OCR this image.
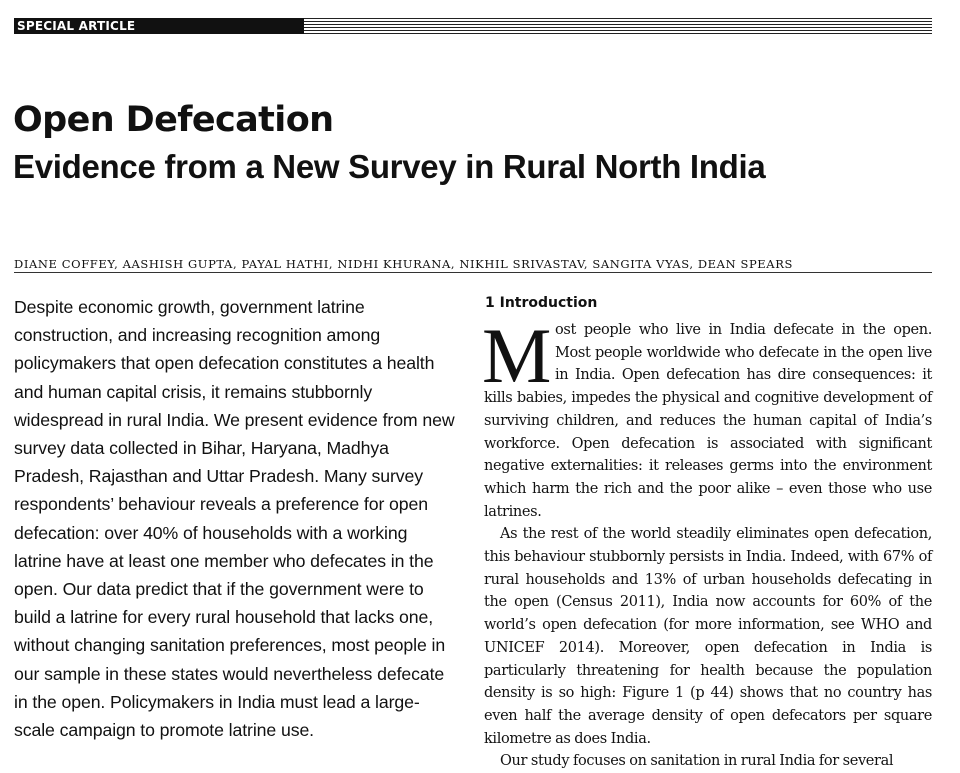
SPECIAL ARTICLE
Open Defecation
Evidence from a New Survey in Rural North India
DIANE COFFEY, AASHISH GUPTA, PAYAL HATHI, NIDHI KHURANA, NIKHIL SRIVASTAV, SANGITA VYAS, DEAN SPEARS

Despite economic growth, government latrine construction, and increasing recognition among policymakers that open defecation constitutes a health and human capital crisis, it remains stubbornly widespread in rural India. We present evidence from new survey data collected in Bihar, Haryana, Madhya Pradesh, Rajasthan and Uttar Pradesh. Many survey respondents’ behaviour reveals a preference for open defecation: over 40% of households with a working latrine have at least one member who defecates in the open. Our data predict that if the government were to build a latrine for every rural household that lacks one, without changing sanitation preferences, most people in our sample in these states would nevertheless defecate in the open. Policymakers in India must lead a large-scale campaign to promote latrine use.

1 Introduction

Most people who live in India defecate in the open. Most people worldwide who defecate in the open live in India. Open defecation has dire consequences: it kills babies, impedes the physical and cognitive development of surviving children, and reduces the human capital of India’s workforce. Open defecation is associated with significant negative externalities: it releases germs into the environment which harm the rich and the poor alike – even those who use latrines.

As the rest of the world steadily eliminates open defecation, this behaviour stubbornly persists in India. Indeed, with 67% of rural households and 13% of urban households defecating in the open (Census 2011), India now accounts for 60% of the world’s open defecation (for more information, see WHO and UNICEF 2014). Moreover, open defecation in India is particularly threatening for health because the population density is so high: Figure 1 (p 44) shows that no country has even half the average density of open defecators per square kilometre as does India.

Our study focuses on sanitation in rural India for several
